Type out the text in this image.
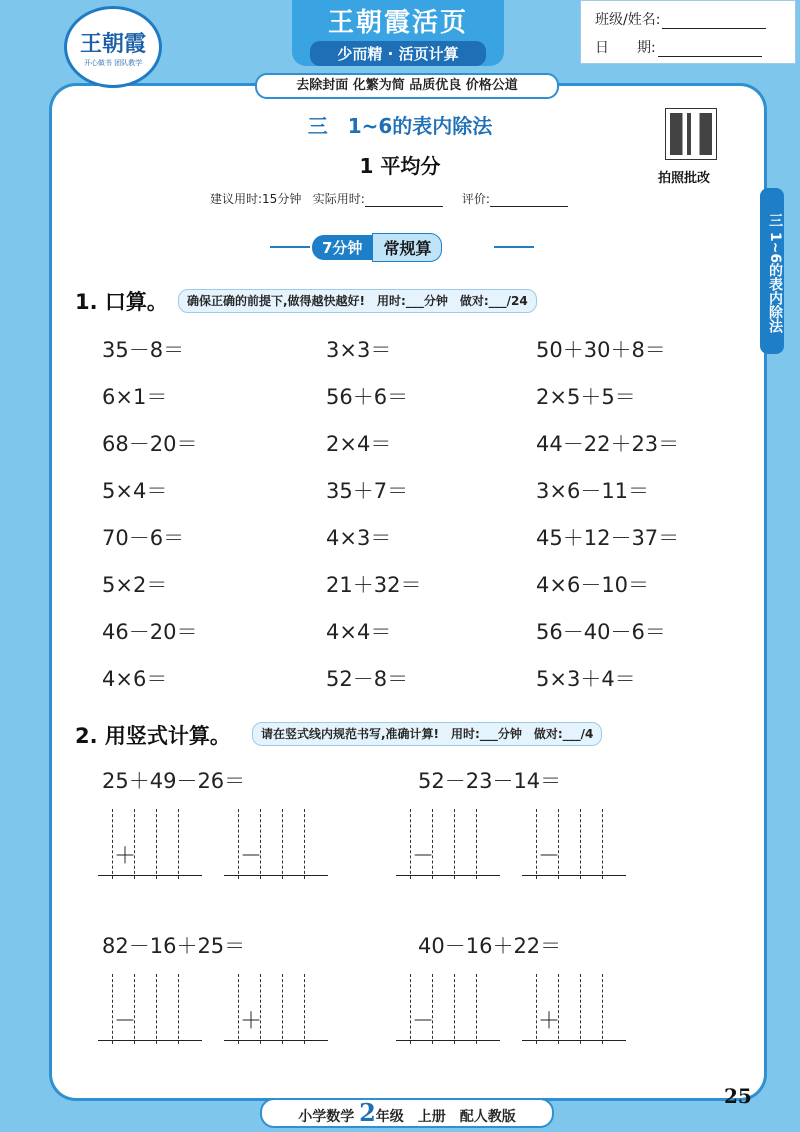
王朝霞
开心做书 团队教学
王朝霞活页
少而精 · 活页计算
班级/姓名:
日　　期:
去除封面 化繁为简 品质优良 价格公道
三　1~6的表内除法
1 平均分
建议用时:15分钟 实际用时:	评价:
拍照批改
三 1~6的表内除法
7分钟	常规算
1. 口算。	确保正确的前提下,做得越快越好!　用时:___分钟　做对:___/24
35－8＝
6×1＝
68－20＝
5×4＝
70－6＝
5×2＝
46－20＝
4×6＝
3×3＝
56＋6＝
2×4＝
35＋7＝
4×3＝
21＋32＝
4×4＝
52－8＝
50＋30＋8＝
2×5＋5＝
44－22＋23＝
3×6－11＝
45＋12－37＝
4×6－10＝
56－40－6＝
5×3＋4＝
2. 用竖式计算。	请在竖式线内规范书写,准确计算!　用时:___分钟　做对:___/4
25＋49－26＝
＋	－
52－23－14＝
－	－
82－16＋25＝
－	＋
40－16＋22＝
－	＋
小学数学 2年级　上册　配人教版
25
